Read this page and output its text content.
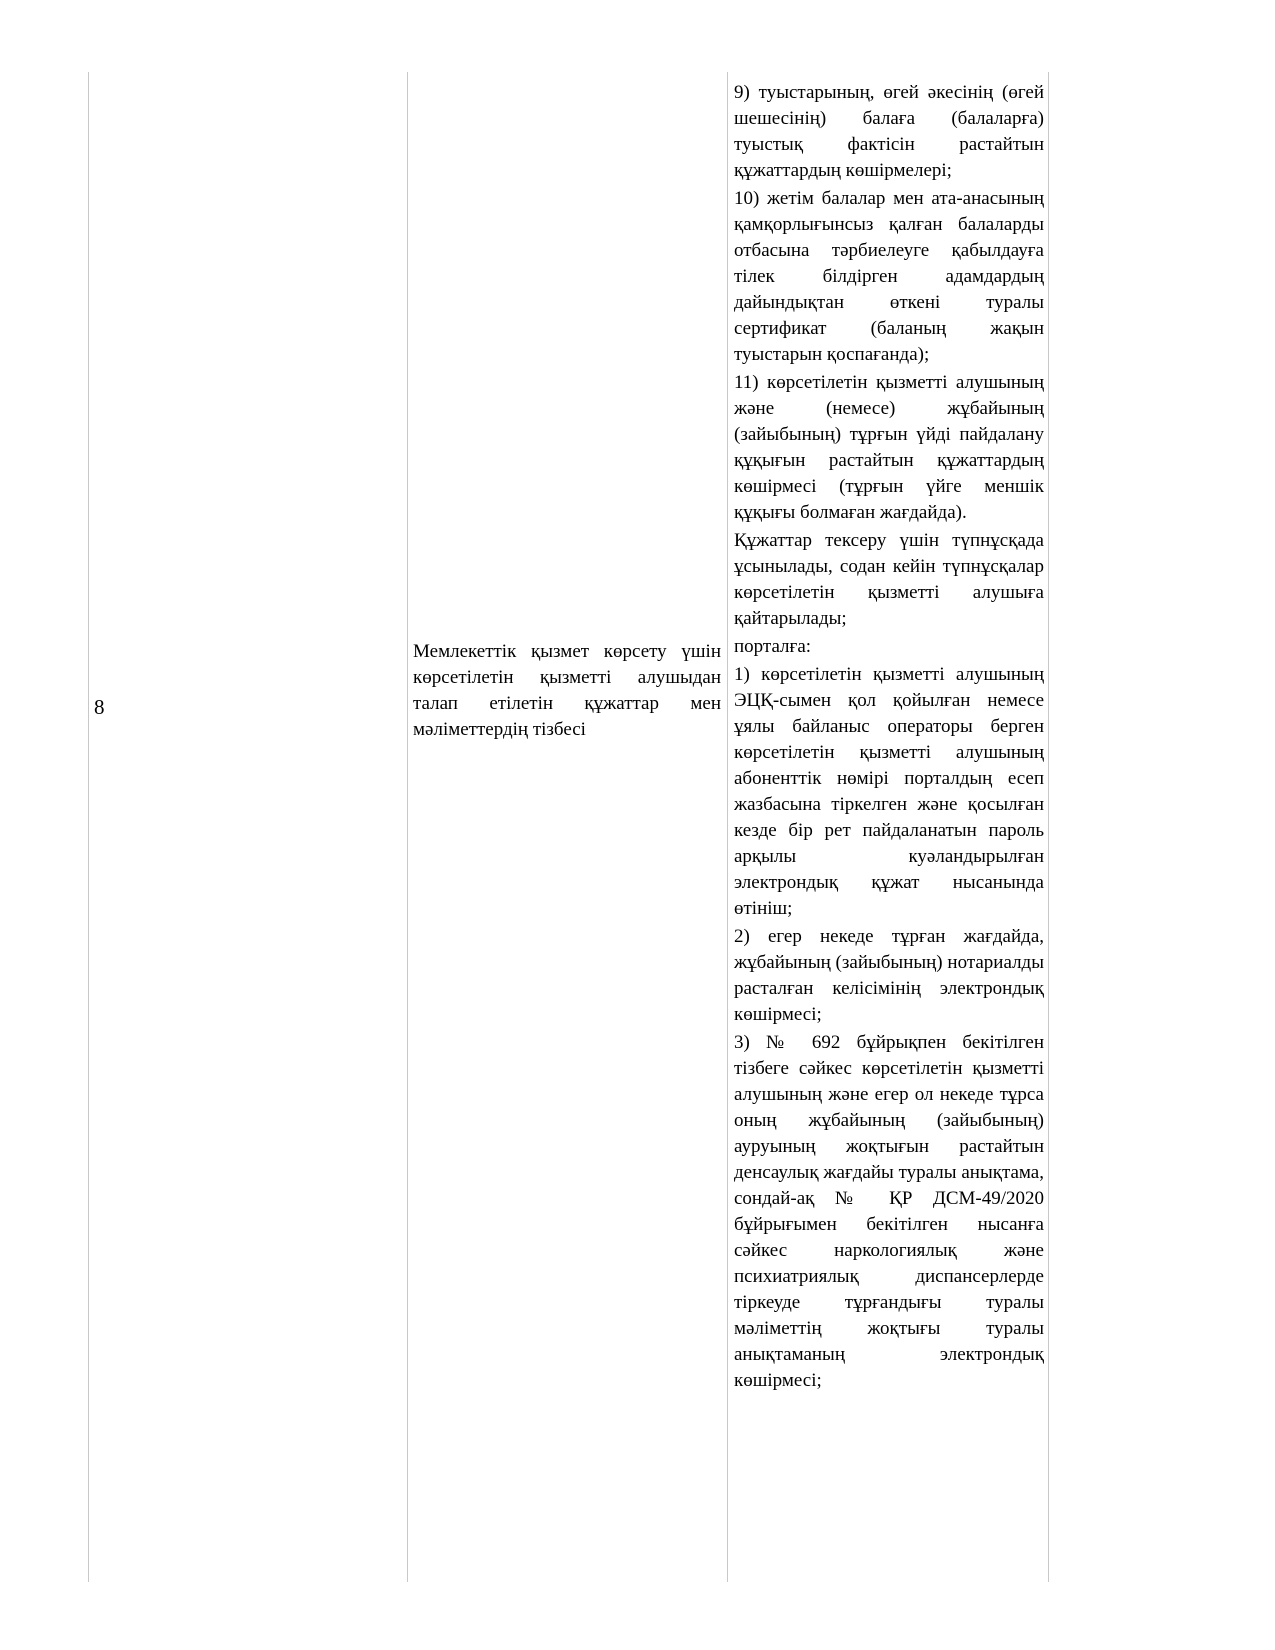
8
Мемлекеттік қызмет көрсету үшін көрсетілетін қызметті алушыдан талап етілетін құжаттар мен мәліметтердің тізбесі

9) туыстарының, өгей әкесінің (өгей шешесінің) балаға (балаларға) туыстық фактісін растайтын құжаттардың көшірмелері;

10) жетім балалар мен ата-анасының қамқорлығынсыз қалған балаларды отбасына тәрбиелеуге қабылдауға тілек білдірген адамдардың дайындықтан өткені туралы сертификат (баланың жақын туыстарын қоспағанда);

11) көрсетілетін қызметті алушының және (немесе) жұбайының (зайыбының) тұрғын үйді пайдалану құқығын растайтын құжаттардың көшірмесі (тұрғын үйге меншік құқығы болмаған жағдайда).

Құжаттар тексеру үшін түпнұсқада ұсынылады, содан кейін түпнұсқалар көрсетілетін қызметті алушыға қайтарылады;

порталға:

1) көрсетілетін қызметті алушының ЭЦҚ-сымен қол қойылған немесе ұялы байланыс операторы берген көрсетілетін қызметті алушының абоненттік нөмірі порталдың есеп жазбасына тіркелген және қосылған кезде бір рет пайдаланатын пароль арқылы куәландырылған электрондық құжат нысанында өтініш;

2) егер некеде тұрған жағдайда, жұбайының (зайыбының) нотариалды расталған келісімінің электрондық көшірмесі;

3) № 692 бұйрықпен бекітілген тізбеге сәйкес көрсетілетін қызметті алушының және егер ол некеде тұрса оның жұбайының (зайыбының) ауруының жоқтығын растайтын денсаулық жағдайы туралы анықтама, сондай-ақ № ҚР ДСМ-49/2020 бұйрығымен бекітілген нысанға сәйкес наркологиялық және психиатриялық диспансерлерде тіркеуде тұрғандығы туралы мәліметтің жоқтығы туралы анықтаманың электрондық көшірмесі;
